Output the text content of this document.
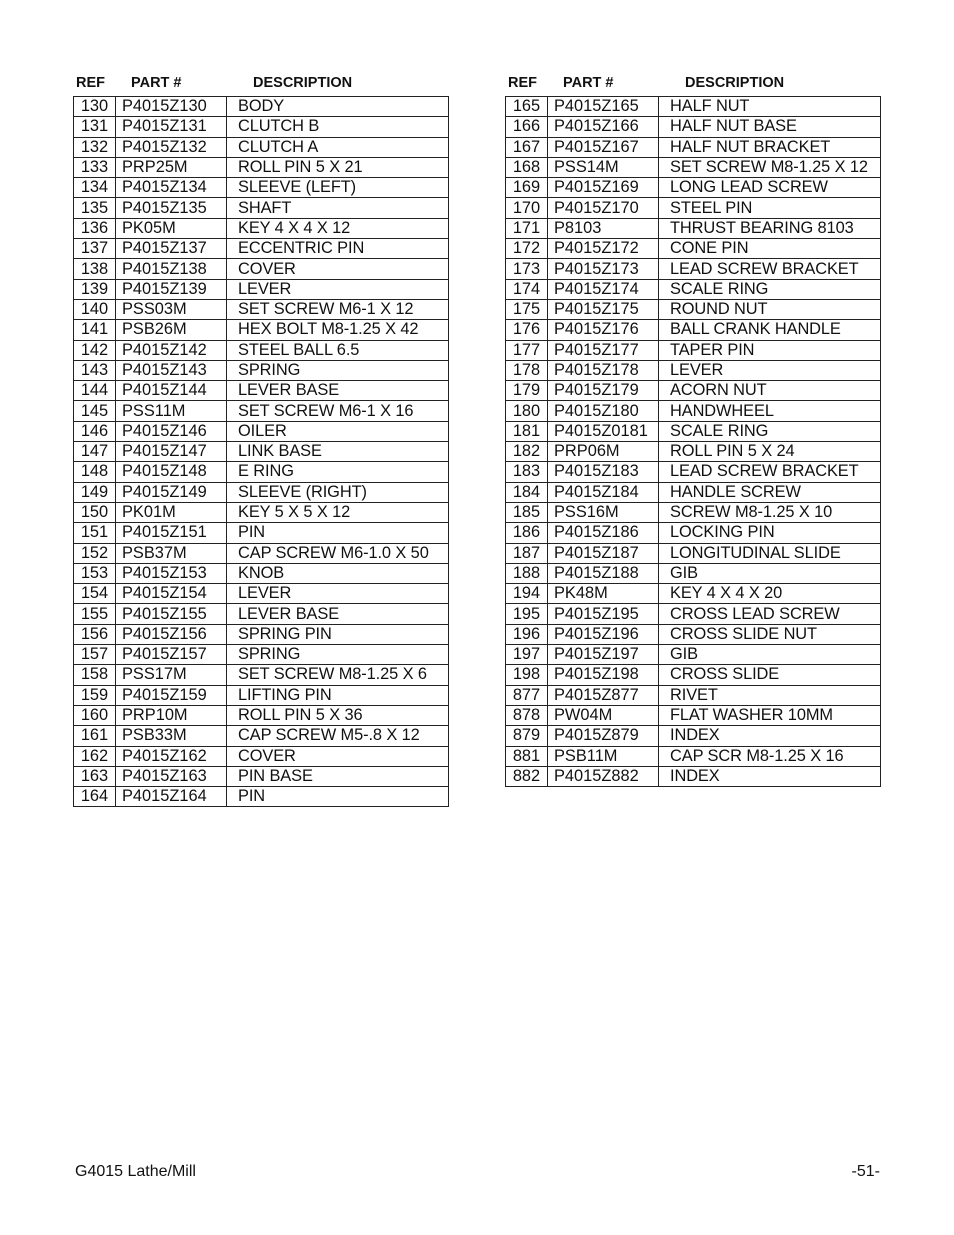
REF PART #	DESCRIPTION
130	P4015Z130	BODY
131	P4015Z131	CLUTCH B
132	P4015Z132	CLUTCH A
133	PRP25M	ROLL PIN 5 X 21
134	P4015Z134	SLEEVE (LEFT)
135	P4015Z135	SHAFT
136	PK05M	KEY 4 X 4 X 12
137	P4015Z137	ECCENTRIC PIN
138	P4015Z138	COVER
139	P4015Z139	LEVER
140	PSS03M	SET SCREW M6-1 X 12
141	PSB26M	HEX BOLT M8-1.25 X 42
142	P4015Z142	STEEL BALL 6.5
143	P4015Z143	SPRING
144	P4015Z144	LEVER BASE
145	PSS11M	SET SCREW M6-1 X 16
146	P4015Z146	OILER
147	P4015Z147	LINK BASE
148	P4015Z148	E RING
149	P4015Z149	SLEEVE (RIGHT)
150	PK01M	KEY 5 X 5 X 12
151	P4015Z151	PIN
152	PSB37M	CAP SCREW M6-1.0 X 50
153	P4015Z153	KNOB
154	P4015Z154	LEVER
155	P4015Z155	LEVER BASE
156	P4015Z156	SPRING PIN
157	P4015Z157	SPRING
158	PSS17M	SET SCREW M8-1.25 X 6
159	P4015Z159	LIFTING PIN
160	PRP10M	ROLL PIN 5 X 36
161	PSB33M	CAP SCREW M5-.8 X 12
162	P4015Z162	COVER
163	P4015Z163	PIN BASE
164	P4015Z164	PIN
REF PART #	DESCRIPTION
165	P4015Z165	HALF NUT
166	P4015Z166	HALF NUT BASE
167	P4015Z167	HALF NUT BRACKET
168	PSS14M	SET SCREW M8-1.25 X 12
169	P4015Z169	LONG LEAD SCREW
170	P4015Z170	STEEL PIN
171	P8103	THRUST BEARING 8103
172	P4015Z172	CONE PIN
173	P4015Z173	LEAD SCREW BRACKET
174	P4015Z174	SCALE RING
175	P4015Z175	ROUND NUT
176	P4015Z176	BALL CRANK HANDLE
177	P4015Z177	TAPER PIN
178	P4015Z178	LEVER
179	P4015Z179	ACORN NUT
180	P4015Z180	HANDWHEEL
181	P4015Z0181	SCALE RING
182	PRP06M	ROLL PIN 5 X 24
183	P4015Z183	LEAD SCREW BRACKET
184	P4015Z184	HANDLE SCREW
185	PSS16M	SCREW M8-1.25 X 10
186	P4015Z186	LOCKING PIN
187	P4015Z187	LONGITUDINAL SLIDE
188	P4015Z188	GIB
194	PK48M	KEY 4 X 4 X 20
195	P4015Z195	CROSS LEAD SCREW
196	P4015Z196	CROSS SLIDE NUT
197	P4015Z197	GIB
198	P4015Z198	CROSS SLIDE
877	P4015Z877	RIVET
878	PW04M	FLAT WASHER 10MM
879	P4015Z879	INDEX
881	PSB11M	CAP SCR M8-1.25 X 16
882	P4015Z882	INDEX
G4015 Lathe/Mill	-51-
